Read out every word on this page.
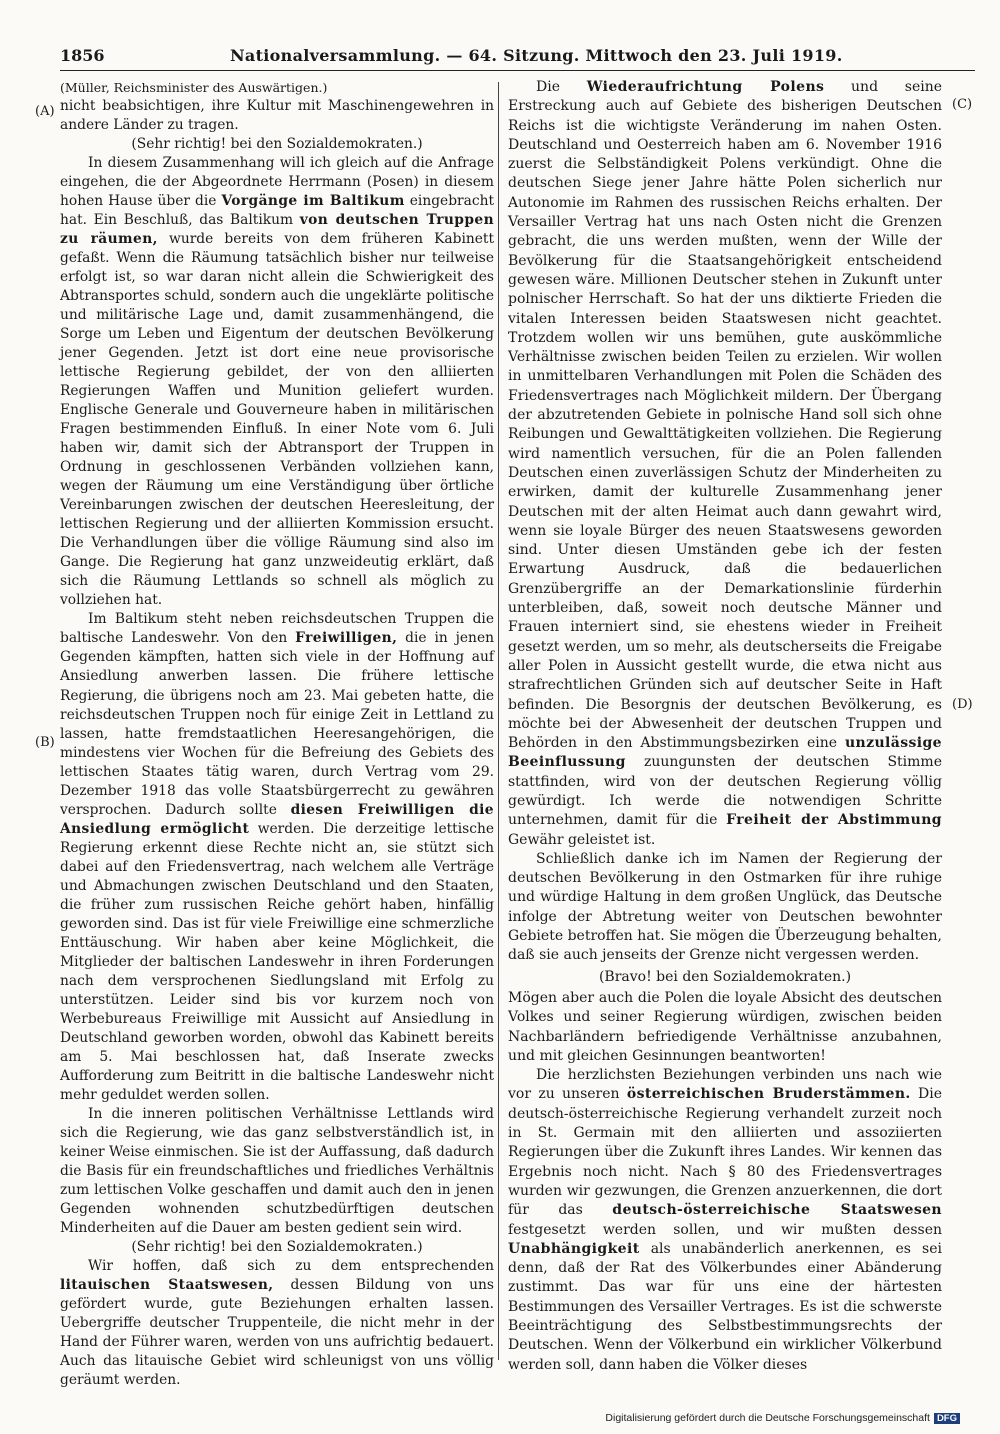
1856	Nationalversammlung. — 64. Sitzung. Mittwoch den 23. Juli 1919.
(A)
(B)
(C)
(D)

(Müller, Reichsminister des Auswärtigen.)

nicht beabsichtigen, ihre Kultur mit Maschinengewehren in andere Länder zu tragen.

(Sehr richtig! bei den Sozialdemokraten.)

In diesem Zusammenhang will ich gleich auf die Anfrage eingehen, die der Abgeordnete Herrmann (Posen) in diesem hohen Hause über die Vorgänge im Baltikum eingebracht hat. Ein Beschluß, das Baltikum von deutschen Truppen zu räumen, wurde bereits von dem früheren Kabinett gefaßt. Wenn die Räumung tatsächlich bisher nur teilweise erfolgt ist, so war daran nicht allein die Schwierigkeit des Abtransportes schuld, sondern auch die ungeklärte politische und militärische Lage und, damit zusammenhängend, die Sorge um Leben und Eigentum der deutschen Bevölkerung jener Gegenden. Jetzt ist dort eine neue provisorische lettische Regierung gebildet, der von den alliierten Regierungen Waffen und Munition geliefert wurden. Englische Generale und Gouverneure haben in militärischen Fragen bestimmenden Einfluß. In einer Note vom 6. Juli haben wir, damit sich der Abtransport der Truppen in Ordnung in geschlossenen Verbänden vollziehen kann, wegen der Räumung um eine Verständigung über örtliche Vereinbarungen zwischen der deutschen Heeresleitung, der lettischen Regierung und der alliierten Kommission ersucht. Die Verhandlungen über die völlige Räumung sind also im Gange. Die Regierung hat ganz unzweideutig erklärt, daß sich die Räumung Lettlands so schnell als möglich zu vollziehen hat.

Im Baltikum steht neben reichsdeutschen Truppen die baltische Landeswehr. Von den Freiwilligen, die in jenen Gegenden kämpften, hatten sich viele in der Hoffnung auf Ansiedlung anwerben lassen. Die frühere lettische Regierung, die übrigens noch am 23. Mai gebeten hatte, die reichsdeutschen Truppen noch für einige Zeit in Lettland zu lassen, hatte fremdstaatlichen Heeresangehörigen, die mindestens vier Wochen für die Befreiung des Gebiets des lettischen Staates tätig waren, durch Vertrag vom 29. Dezember 1918 das volle Staatsbürgerrecht zu gewähren versprochen. Dadurch sollte diesen Freiwilligen die Ansiedlung ermöglicht werden. Die derzeitige lettische Regierung erkennt diese Rechte nicht an, sie stützt sich dabei auf den Friedensvertrag, nach welchem alle Verträge und Abmachungen zwischen Deutschland und den Staaten, die früher zum russischen Reiche gehört haben, hinfällig geworden sind. Das ist für viele Freiwillige eine schmerzliche Enttäuschung. Wir haben aber keine Möglichkeit, die Mitglieder der baltischen Landeswehr in ihren Forderungen nach dem versprochenen Siedlungsland mit Erfolg zu unterstützen. Leider sind bis vor kurzem noch von Werbebureaus Freiwillige mit Aussicht auf Ansiedlung in Deutschland geworben worden, obwohl das Kabinett bereits am 5. Mai beschlossen hat, daß Inserate zwecks Aufforderung zum Beitritt in die baltische Landeswehr nicht mehr geduldet werden sollen.

In die inneren politischen Verhältnisse Lettlands wird sich die Regierung, wie das ganz selbstverständlich ist, in keiner Weise einmischen. Sie ist der Auffassung, daß dadurch die Basis für ein freundschaftliches und friedliches Verhältnis zum lettischen Volke geschaffen und damit auch den in jenen Gegenden wohnenden schutzbedürftigen deutschen Minderheiten auf die Dauer am besten gedient sein wird.

(Sehr richtig! bei den Sozialdemokraten.)

Wir hoffen, daß sich zu dem entsprechenden litauischen Staatswesen, dessen Bildung von uns gefördert wurde, gute Beziehungen erhalten lassen. Uebergriffe deutscher Truppenteile, die nicht mehr in der Hand der Führer waren, werden von uns aufrichtig bedauert. Auch das litauische Gebiet wird schleunigst von uns völlig geräumt werden.

Die Wiederaufrichtung Polens und seine Erstreckung auch auf Gebiete des bisherigen Deutschen Reichs ist die wichtigste Veränderung im nahen Osten. Deutschland und Oesterreich haben am 6. November 1916 zuerst die Selbständigkeit Polens verkündigt. Ohne die deutschen Siege jener Jahre hätte Polen sicherlich nur Autonomie im Rahmen des russischen Reichs erhalten. Der Versailler Vertrag hat uns nach Osten nicht die Grenzen gebracht, die uns werden mußten, wenn der Wille der Bevölkerung für die Staatsangehörigkeit entscheidend gewesen wäre. Millionen Deutscher stehen in Zukunft unter polnischer Herrschaft. So hat der uns diktierte Frieden die vitalen Interessen beiden Staatswesen nicht geachtet. Trotzdem wollen wir uns bemühen, gute auskömmliche Verhältnisse zwischen beiden Teilen zu erzielen. Wir wollen in unmittelbaren Verhandlungen mit Polen die Schäden des Friedensvertrages nach Möglichkeit mildern. Der Übergang der abzutretenden Gebiete in polnische Hand soll sich ohne Reibungen und Gewalttätigkeiten vollziehen. Die Regierung wird namentlich versuchen, für die an Polen fallenden Deutschen einen zuverlässigen Schutz der Minderheiten zu erwirken, damit der kulturelle Zusammenhang jener Deutschen mit der alten Heimat auch dann gewahrt wird, wenn sie loyale Bürger des neuen Staatswesens geworden sind. Unter diesen Umständen gebe ich der festen Erwartung Ausdruck, daß die bedauerlichen Grenzübergriffe an der Demarkationslinie fürderhin unterbleiben, daß, soweit noch deutsche Männer und Frauen interniert sind, sie ehestens wieder in Freiheit gesetzt werden, um so mehr, als deutscherseits die Freigabe aller Polen in Aussicht gestellt wurde, die etwa nicht aus strafrechtlichen Gründen sich auf deutscher Seite in Haft befinden. Die Besorgnis der deutschen Bevölkerung, es möchte bei der Abwesenheit der deutschen Truppen und Behörden in den Abstimmungsbezirken eine unzulässige Beeinflussung zuungunsten der deutschen Stimme stattfinden, wird von der deutschen Regierung völlig gewürdigt. Ich werde die notwendigen Schritte unternehmen, damit für die Freiheit der Abstimmung Gewähr geleistet ist.

Schließlich danke ich im Namen der Regierung der deutschen Bevölkerung in den Ostmarken für ihre ruhige und würdige Haltung in dem großen Unglück, das Deutsche infolge der Abtretung weiter von Deutschen bewohnter Gebiete betroffen hat. Sie mögen die Überzeugung behalten, daß sie auch jenseits der Grenze nicht vergessen werden.

(Bravo! bei den Sozialdemokraten.)

Mögen aber auch die Polen die loyale Absicht des deutschen Volkes und seiner Regierung würdigen, zwischen beiden Nachbarländern befriedigende Verhältnisse anzubahnen, und mit gleichen Gesinnungen beantworten!

Die herzlichsten Beziehungen verbinden uns nach wie vor zu unseren österreichischen Bruderstämmen. Die deutsch-österreichische Regierung verhandelt zurzeit noch in St. Germain mit den alliierten und assoziierten Regierungen über die Zukunft ihres Landes. Wir kennen das Ergebnis noch nicht. Nach § 80 des Friedensvertrages wurden wir gezwungen, die Grenzen anzuerkennen, die dort für das deutsch-österreichische Staatswesen festgesetzt werden sollen, und wir mußten dessen Unabhängigkeit als unabänderlich anerkennen, es sei denn, daß der Rat des Völkerbundes einer Abänderung zustimmt. Das war für uns eine der härtesten Bestimmungen des Versailler Vertrages. Es ist die schwerste Beeinträchtigung des Selbstbestimmungsrechts der Deutschen. Wenn der Völkerbund ein wirklicher Völkerbund werden soll, dann haben die Völker dieses

Digitalisierung gefördert durch die Deutsche Forschungsgemeinschaft DFG
